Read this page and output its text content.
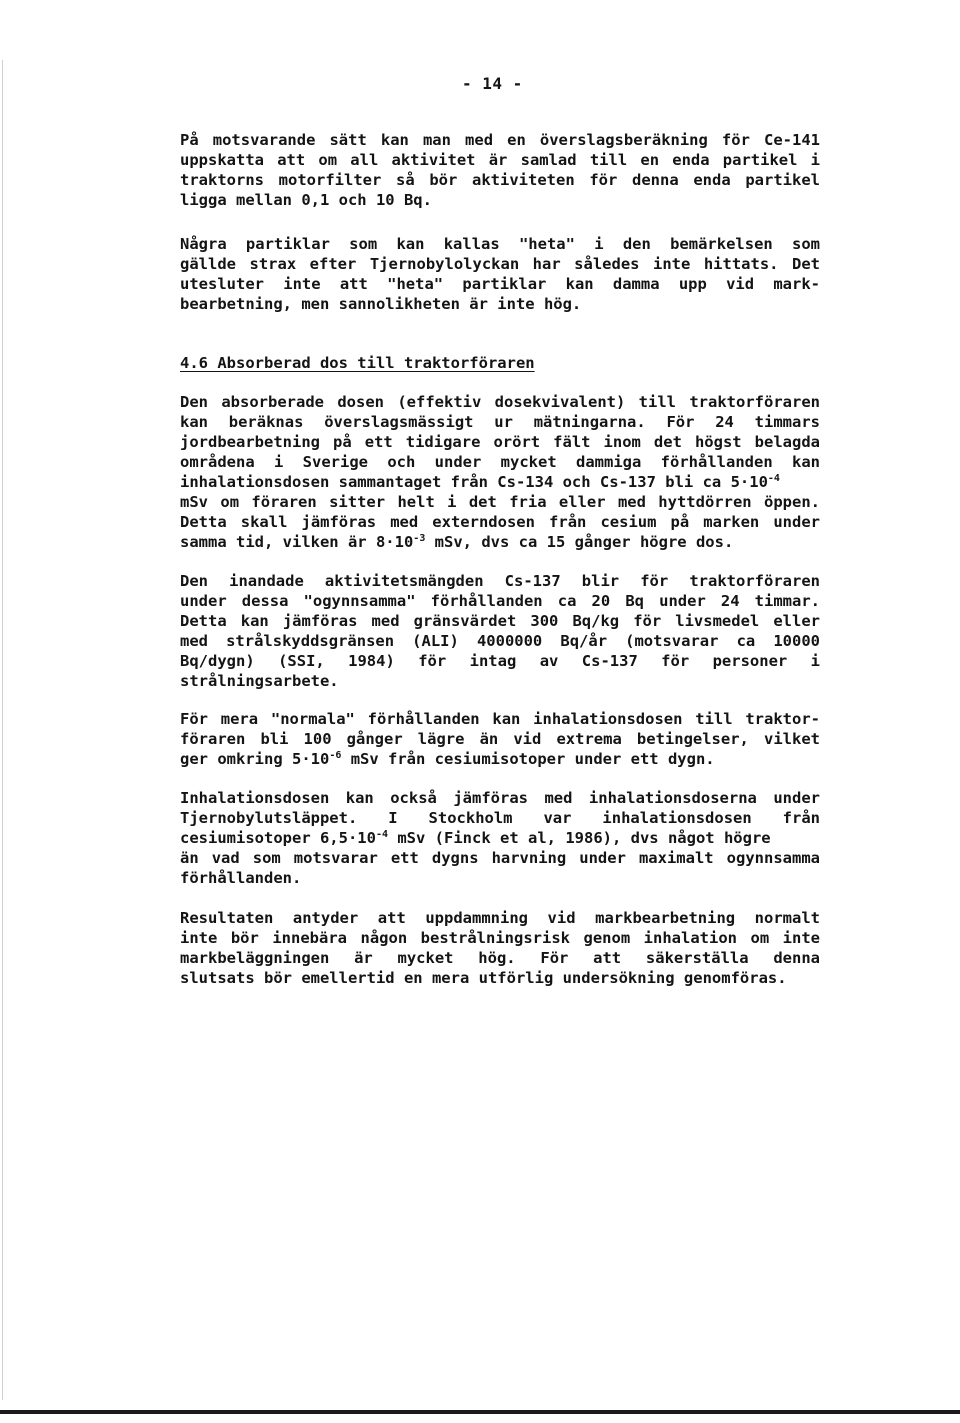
- 14 -
På motsvarande sätt kan man med en överslagsberäkning för Ce-141
uppskatta att om all aktivitet är samlad till en enda partikel i
traktorns motorfilter så bör aktiviteten för denna enda partikel
ligga mellan 0,1 och 10 Bq.
Några partiklar som kan kallas "heta" i den bemärkelsen som
gällde strax efter Tjernobylolyckan har således inte hittats. Det
utesluter inte att "heta" partiklar kan damma upp vid mark-
bearbetning, men sannolikheten är inte hög.
4.6 Absorberad dos till traktorföraren
Den absorberade dosen (effektiv dosekvivalent) till traktorföraren
kan beräknas överslagsmässigt ur mätningarna. För 24 timmars
jordbearbetning på ett tidigare orört fält inom det högst belagda
områdena i Sverige och under mycket dammiga förhållanden kan
inhalationsdosen sammantaget från Cs-134 och Cs-137 bli ca $5\cdot 10^{-4}$
mSv om föraren sitter helt i det fria eller med hyttdörren öppen.
Detta skall jämföras med externdosen från cesium på marken under
samma tid, vilken är $8\cdot 10^{-3}$ mSv, dvs ca 15 gånger högre dos.
Den inandade aktivitetsmängden Cs-137 blir för traktorföraren
under dessa "ogynnsamma" förhållanden ca 20 Bq under 24 timmar.
Detta kan jämföras med gränsvärdet 300 Bq/kg för livsmedel eller
med strålskyddsgränsen (ALI) 4000000 Bq/år (motsvarar ca 10000
Bq/dygn) (SSI, 1984) för intag av Cs-137 för personer i
strålningsarbete.
För mera "normala" förhållanden kan inhalationsdosen till traktor-
föraren bli 100 gånger lägre än vid extrema betingelser, vilket
ger omkring $5\cdot 10^{-6}$ mSv från cesiumisotoper under ett dygn.
Inhalationsdosen kan också jämföras med inhalationsdoserna under
Tjernobylutsläppet. I Stockholm var inhalationsdosen från
cesiumisotoper $6,5\cdot 10^{-4}$ mSv (Finck et al, 1986), dvs något högre
än vad som motsvarar ett dygns harvning under maximalt ogynnsamma
förhållanden.
Resultaten antyder att uppdammning vid markbearbetning normalt
inte bör innebära någon bestrålningsrisk genom inhalation om inte
markbeläggningen är mycket hög. För att säkerställa denna
slutsats bör emellertid en mera utförlig undersökning genomföras.
